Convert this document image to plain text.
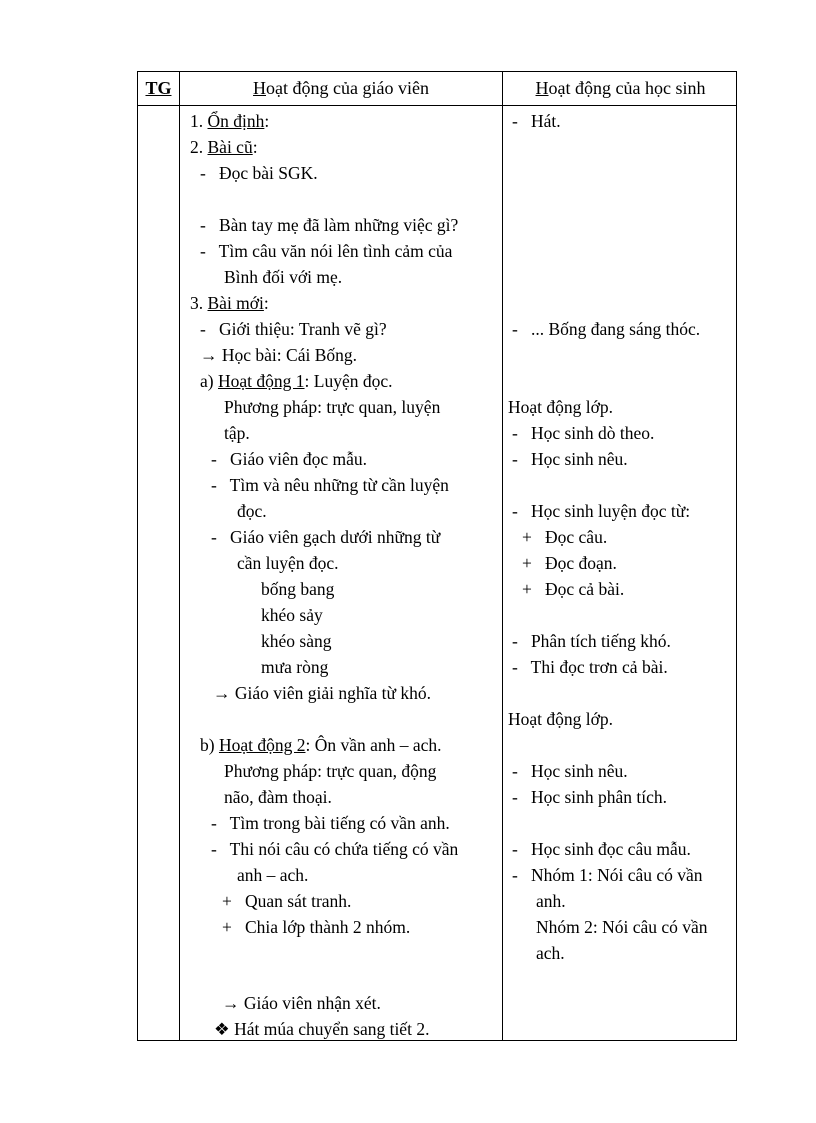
TG	Hoạt động của giáo viên	Hoạt động của học sinh
1. Ổn định:
2. Bài cũ:
-   Đọc bài SGK.
-   Bàn tay mẹ đã làm những việc gì?
-   Tìm câu văn nói lên tình cảm của
Bình đối với mẹ.
3. Bài mới:
-   Giới thiệu: Tranh vẽ gì?
→ Học bài: Cái Bống.
a) Hoạt động 1: Luyện đọc.
Phương pháp: trực quan, luyện
tập.
-   Giáo viên đọc mẫu.
-   Tìm và nêu những từ cần luyện
đọc.
-   Giáo viên gạch dưới những từ
cần luyện đọc.
bống bang
khéo sảy
khéo sàng
mưa ròng
→ Giáo viên giải nghĩa từ khó.
b) Hoạt động 2: Ôn vần anh – ach.
Phương pháp: trực quan, động
não, đàm thoại.
-   Tìm trong bài tiếng có vần anh.
-   Thi nói câu có chứa tiếng có vần
anh – ach.
+   Quan sát tranh.
+   Chia lớp thành 2 nhóm.
→ Giáo viên nhận xét.
❖ Hát múa chuyển sang tiết 2.
-   Hát.
-   ... Bống đang sáng thóc.
Hoạt động lớp.
-   Học sinh dò theo.
-   Học sinh nêu.
-   Học sinh luyện đọc từ:
+   Đọc câu.
+   Đọc đoạn.
+   Đọc cả bài.
-   Phân tích tiếng khó.
-   Thi đọc trơn cả bài.
Hoạt động lớp.
-   Học sinh nêu.
-   Học sinh phân tích.
-   Học sinh đọc câu mẫu.
-   Nhóm 1: Nói câu có vần
anh.
Nhóm 2: Nói câu có vần
ach.
